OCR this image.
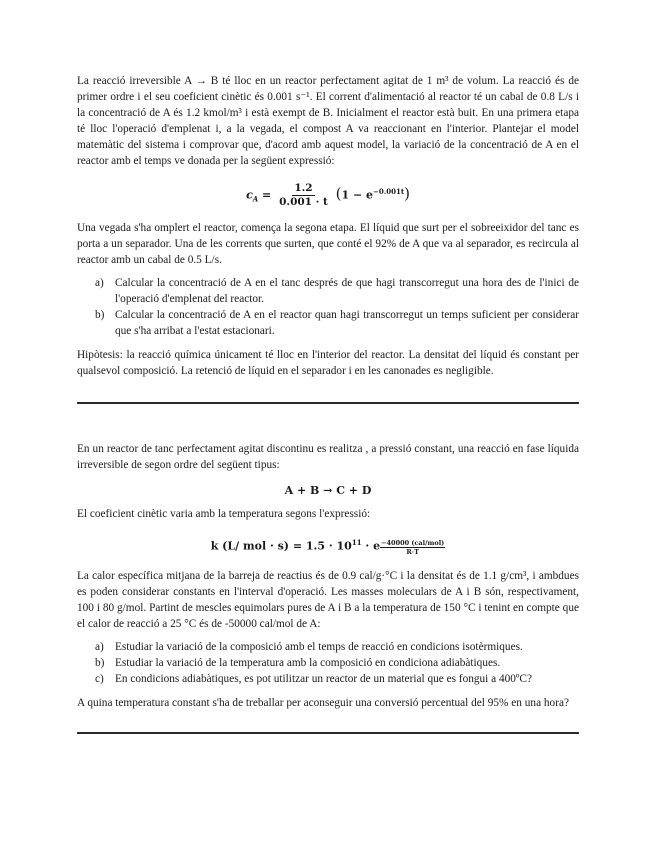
La reacció irreversible A → B té lloc en un reactor perfectament agitat de 1 m³ de volum. La reacció és de primer ordre i el seu coeficient cinètic és 0.001 s⁻¹. El corrent d'alimentació al reactor té un cabal de 0.8 L/s i la concentració de A és 1.2 kmol/m³ i està exempt de B. Inicialment el reactor està buit. En una primera etapa té lloc l'operació d'emplenat i, a la vegada, el compost A va reaccionant en l'interior. Plantejar el model matemàtic del sistema i comprovar que, d'acord amb aquest model, la variació de la concentració de A en el reactor amb el temps ve donada per la següent expressió:

$c_A = \frac{1.2}{0.001 \cdot t} (1 - e^{-0.001t})$

Una vegada s'ha omplert el reactor, comença la segona etapa. El líquid que surt per el sobreeixidor del tanc es porta a un separador. Una de les corrents que surten, que conté el 92% de A que va al separador, es recircula al reactor amb un cabal de 0.5 L/s.

a) Calcular la concentració de A en el tanc després de que hagi transcorregut una hora des de l'inici de l'operació d'emplenat del reactor.
b) Calcular la concentració de A en el reactor quan hagi transcorregut un temps suficient per considerar que s'ha arribat a l'estat estacionari.

Hipòtesis: la reacció química únicament té lloc en l'interior del reactor. La densitat del líquid és constant per qualsevol composició. La retenció de líquid en el separador i en les canonades es negligible.

En un reactor de tanc perfectament agitat discontinu es realitza , a pressió constant, una reacció en fase líquida irreversible de segon ordre del següent tipus:

A + B → C + D

El coeficient cinètic varia amb la temperatura segons l'expressió:

k (L/ mol · $s) = 1.5 \cdot 10^{11} \cdot e \frac{\text{−40000 (cal/mol)}}{R\cdot T}$

La calor específica mitjana de la barreja de reactius és de 0.9 cal/g·°C i la densitat és de 1.1 g/cm³, i ambdues es poden considerar constants en l'interval d'operació. Les masses moleculars de A i B són, respectivament, 100 i 80 g/mol. Partint de mescles equimolars pures de A i B a la temperatura de 150 °C i tenint en compte que el calor de reacció a 25 °C és de -50000 cal/mol de A:

a) Estudiar la variació de la composició amb el temps de reacció en condicions isotèrmiques.
b) Estudiar la variació de la temperatura amb la composició en condiciona adiabàtiques.
c) En condicions adiabàtiques, es pot utilitzar un reactor de un material que es fongui a 400ºC?

A quina temperatura constant s'ha de treballar per aconseguir una conversió percentual del 95% en una hora?
